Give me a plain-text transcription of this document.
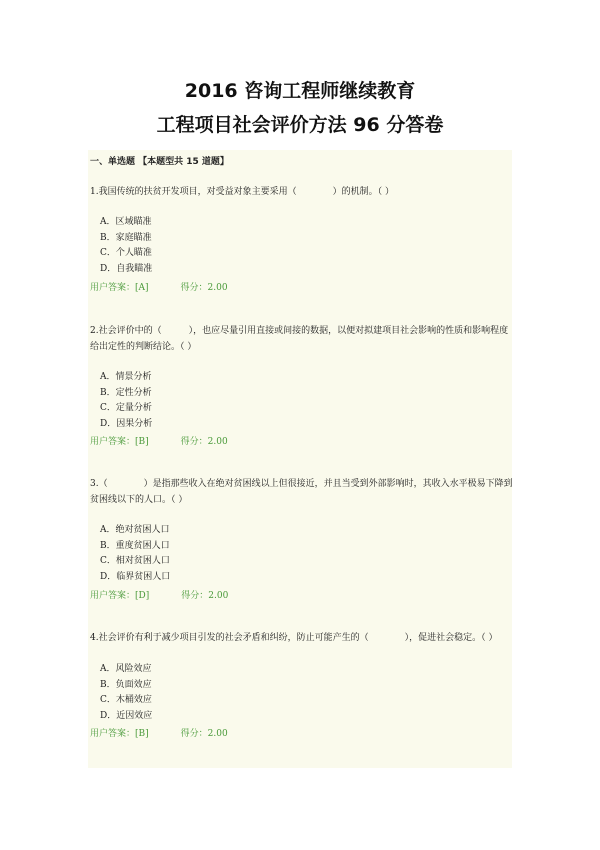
2016 咨询工程师继续教育
工程项目社会评价方法 96 分答卷
一、单选题 【本题型共 15 道题】

1.我国传统的扶贫开发项目，对受益对象主要采用（　　　　）的机制。（ ）

A．区域瞄准
B．家庭瞄准
C．个人瞄准
D．自我瞄准
用户答案：[A]	得分：2.00

2.社会评价中的（　　　），也应尽量引用直接或间接的数据，以便对拟建项目社会影响的性质和影响程度给出定性的判断结论。（ ）

A．情景分析
B．定性分析
C．定量分析
D．因果分析
用户答案：[B]	得分：2.00

3.（　　　　）是指那些收入在绝对贫困线以上但很接近，并且当受到外部影响时，其收入水平极易下降到贫困线以下的人口。（ ）

A．绝对贫困人口
B．重度贫困人口
C．相对贫困人口
D．临界贫困人口
用户答案：[D]	得分：2.00

4.社会评价有利于减少项目引发的社会矛盾和纠纷，防止可能产生的（　　　　），促进社会稳定。（ ）

A．风险效应
B．负面效应
C．木桶效应
D．近因效应
用户答案：[B]	得分：2.00
